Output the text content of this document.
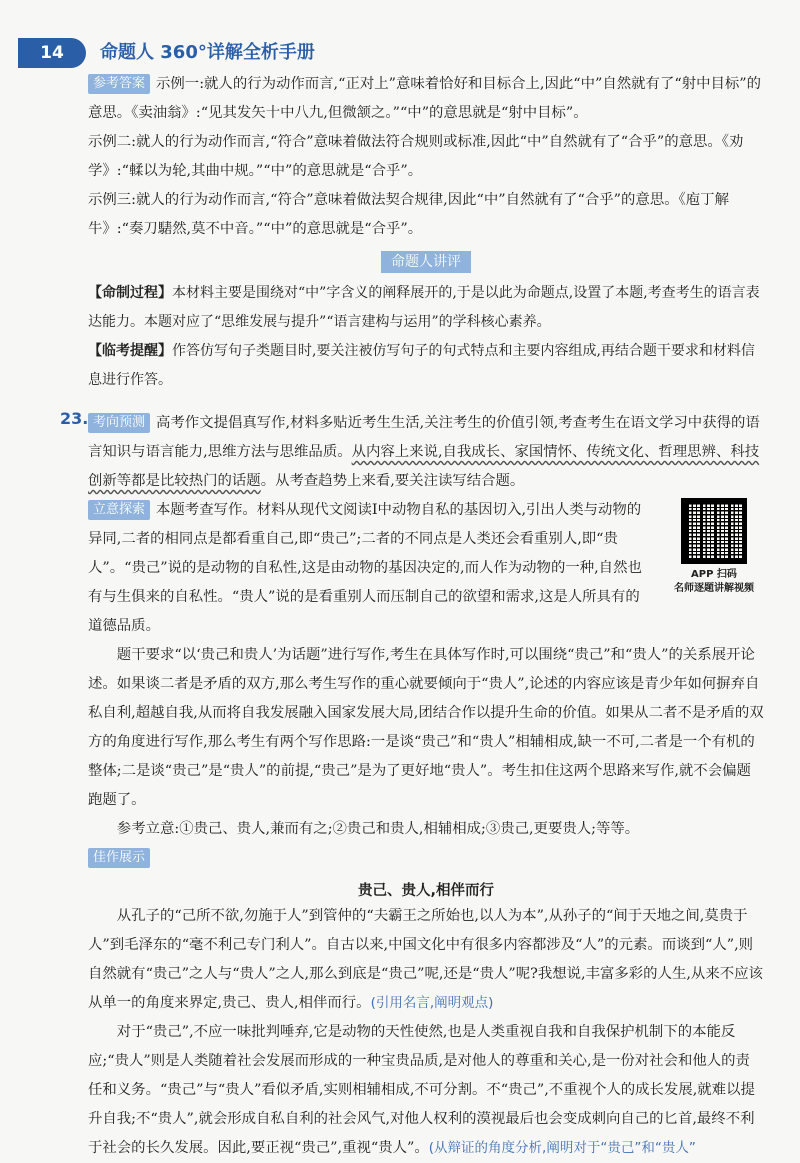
14	命题人 360°详解全析手册

参考答案 示例一:就人的行为动作而言,“正对上”意味着恰好和目标合上,因此“中”自然就有了“射中目标”的意思。《卖油翁》:“见其发矢十中八九,但微颔之。”“中”的意思就是“射中目标”。

示例二:就人的行为动作而言,“符合”意味着做法符合规则或标准,因此“中”自然就有了“合乎”的意思。《劝学》:“輮以为轮,其曲中规。”“中”的意思就是“合乎”。

示例三:就人的行为动作而言,“符合”意味着做法契合规律,因此“中”自然就有了“合乎”的意思。《庖丁解牛》:“奏刀騞然,莫不中音。”“中”的意思就是“合乎”。

命题人讲评

【命制过程】本材料主要是围绕对“中”字含义的阐释展开的,于是以此为命题点,设置了本题,考查考生的语言表达能力。本题对应了“思维发展与提升”“语言建构与运用”的学科核心素养。

【临考提醒】作答仿写句子类题目时,要关注被仿写句子的句式特点和主要内容组成,再结合题干要求和材料信息进行作答。

23. 考向预测 高考作文提倡真写作,材料多贴近考生生活,关注考生的价值引领,考查考生在语文学习中获得的语言知识与语言能力,思维方法与思维品质。从内容上来说,自我成长、家国情怀、传统文化、哲理思辨、科技创新等都是比较热门的话题。从考查趋势上来看,要关注读写结合题。

APP 扫码
名师逐题讲解视频

立意探索 本题考查写作。材料从现代文阅读Ⅰ中动物自私的基因切入,引出人类与动物的异同,二者的相同点是都看重自己,即“贵己”;二者的不同点是人类还会看重别人,即“贵人”。“贵己”说的是动物的自私性,这是由动物的基因决定的,而人作为动物的一种,自然也有与生俱来的自私性。“贵人”说的是看重别人而压制自己的欲望和需求,这是人所具有的道德品质。

题干要求“以‘贵己和贵人’为话题”进行写作,考生在具体写作时,可以围绕“贵己”和“贵人”的关系展开论述。如果谈二者是矛盾的双方,那么考生写作的重心就要倾向于“贵人”,论述的内容应该是青少年如何摒弃自私自利,超越自我,从而将自我发展融入国家发展大局,团结合作以提升生命的价值。如果从二者不是矛盾的双方的角度进行写作,那么考生有两个写作思路:一是谈“贵己”和“贵人”相辅相成,缺一不可,二者是一个有机的整体;二是谈“贵己”是“贵人”的前提,“贵己”是为了更好地“贵人”。考生扣住这两个思路来写作,就不会偏题跑题了。

参考立意:①贵己、贵人,兼而有之;②贵己和贵人,相辅相成;③贵己,更要贵人;等等。

佳作展示

贵己、贵人,相伴而行

从孔子的“己所不欲,勿施于人”到管仲的“夫霸王之所始也,以人为本”,从孙子的“间于天地之间,莫贵于人”到毛泽东的“毫不利己专门利人”。自古以来,中国文化中有很多内容都涉及“人”的元素。而谈到“人”,则自然就有“贵己”之人与“贵人”之人,那么到底是“贵己”呢,还是“贵人”呢?我想说,丰富多彩的人生,从来不应该从单一的角度来界定,贵己、贵人,相伴而行。(引用名言,阐明观点)

对于“贵己”,不应一味批判唾弃,它是动物的天性使然,也是人类重视自我和自我保护机制下的本能反应;“贵人”则是人类随着社会发展而形成的一种宝贵品质,是对他人的尊重和关心,是一份对社会和他人的责任和义务。“贵己”与“贵人”看似矛盾,实则相辅相成,不可分割。不“贵己”,不重视个人的成长发展,就难以提升自我;不“贵人”,就会形成自私自利的社会风气,对他人权利的漠视最后也会变成刺向自己的匕首,最终不利于社会的长久发展。因此,要正视“贵己”,重视“贵人”。(从辩证的角度分析,阐明对于“贵己”和“贵人”
